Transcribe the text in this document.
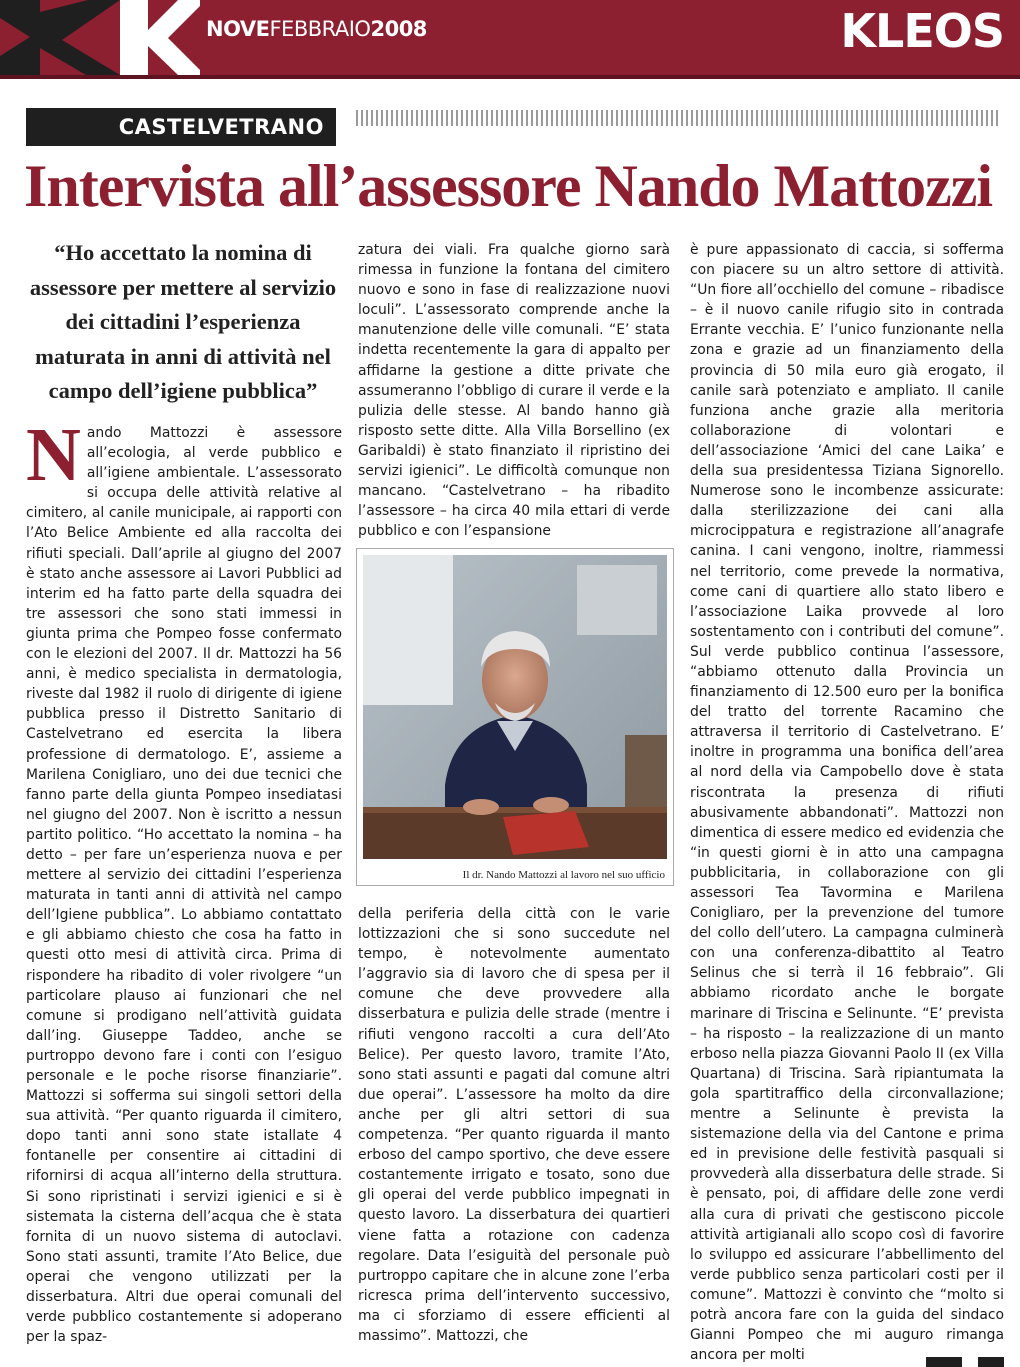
NOVEFEBBRAIO2008	KLEOS
CASTELVETRANO
Intervista all’assessore Nando Mattozzi

“Ho accettato la nomina di assessore per mettere al servizio dei cittadini l’esperienza maturata in anni di attività nel campo dell’igiene pubblica”

Nando Mattozzi è assessore all’ecologia, al verde pubblico e all’igiene ambientale. L’assessorato si occupa delle attività relative al cimitero, al canile municipale, ai rapporti con l’Ato Belice Ambiente ed alla raccolta dei rifiuti speciali. Dall’aprile al giugno del 2007 è stato anche assessore ai Lavori Pubblici ad interim ed ha fatto parte della squadra dei tre assessori che sono stati immessi in giunta prima che Pompeo fosse confermato con le elezioni del 2007. Il dr. Mattozzi ha 56 anni, è medico specialista in dermatologia, riveste dal 1982 il ruolo di dirigente di igiene pubblica presso il Distretto Sanitario di Castelvetrano ed esercita la libera professione di dermatologo. E’, assieme a Marilena Conigliaro, uno dei due tecnici che fanno parte della giunta Pompeo insediatasi nel giugno del 2007. Non è iscritto a nessun partito politico. “Ho accettato la nomina – ha detto – per fare un’esperienza nuova e per mettere al servizio dei cittadini l’esperienza maturata in tanti anni di attività nel campo dell’Igiene pubblica”. Lo abbiamo contattato e gli abbiamo chiesto che cosa ha fatto in questi otto mesi di attività circa. Prima di rispondere ha ribadito di voler rivolgere “un particolare plauso ai funzionari che nel comune si prodigano nell’attività guidata dall’ing. Giuseppe Taddeo, anche se purtroppo devono fare i conti con l’esiguo personale e le poche risorse finanziarie”. Mattozzi si sofferma sui singoli settori della sua attività. “Per quanto riguarda il cimitero, dopo tanti anni sono state istallate 4 fontanelle per consentire ai cittadini di rifornirsi di acqua all’interno della struttura. Si sono ripristinati i servizi igienici e si è sistemata la cisterna dell’acqua che è stata fornita di un nuovo sistema di autoclavi. Sono stati assunti, tramite l’Ato Belice, due operai che vengono utilizzati per la disserbatura. Altri due operai comunali del verde pubblico costantemente si adoperano per la spaz-
zatura dei viali. Fra qualche giorno sarà rimessa in funzione la fontana del cimitero nuovo e sono in fase di realizzazione nuovi loculi”. L’assessorato comprende anche la manutenzione delle ville comunali. “E’ stata indetta recentemente la gara di appalto per affidarne la gestione a ditte private che assumeranno l’obbligo di curare il verde e la pulizia delle stesse. Al bando hanno già risposto sette ditte. Alla Villa Borsellino (ex Garibaldi) è stato finanziato il ripristino dei servizi igienici”. Le difficoltà comunque non mancano. “Castelvetrano – ha ribadito l’assessore – ha circa 40 mila ettari di verde pubblico e con l’espansione
Il dr. Nando Mattozzi al lavoro nel suo ufficio
della periferia della città con le varie lottizzazioni che si sono succedute nel tempo, è notevolmente aumentato l’aggravio sia di lavoro che di spesa per il comune che deve provvedere alla disserbatura e pulizia delle strade (mentre i rifiuti vengono raccolti a cura dell’Ato Belice). Per questo lavoro, tramite l’Ato, sono stati assunti e pagati dal comune altri due operai”. L’assessore ha molto da dire anche per gli altri settori di sua competenza. “Per quanto riguarda il manto erboso del campo sportivo, che deve essere costantemente irrigato e tosato, sono due gli operai del verde pubblico impegnati in questo lavoro. La disserbatura dei quartieri viene fatta a rotazione con cadenza regolare. Data l’esiguità del personale può purtroppo capitare che in alcune zone l’erba ricresca prima dell’intervento successivo, ma ci sforziamo di essere efficienti al massimo”. Mattozzi, che
è pure appassionato di caccia, si sofferma con piacere su un altro settore di attività. “Un fiore all’occhiello del comune – ribadisce – è il nuovo canile rifugio sito in contrada Errante vecchia. E’ l’unico funzionante nella zona e grazie ad un finanziamento della provincia di 50 mila euro già erogato, il canile sarà potenziato e ampliato. Il canile funziona anche grazie alla meritoria collaborazione di volontari e dell’associazione ‘Amici del cane Laika’ e della sua presidentessa Tiziana Signorello. Numerose sono le incombenze assicurate: dalla sterilizzazione dei cani alla microcippatura e registrazione all’anagrafe canina. I cani vengono, inoltre, riammessi nel territorio, come prevede la normativa, come cani di quartiere allo stato libero e l’associazione Laika provvede al loro sostentamento con i contributi del comune”. Sul verde pubblico continua l’assessore, “abbiamo ottenuto dalla Provincia un finanziamento di 12.500 euro per la bonifica del tratto del torrente Racamino che attraversa il territorio di Castelvetrano. E’ inoltre in programma una bonifica dell’area al nord della via Campobello dove è stata riscontrata la presenza di rifiuti abusivamente abbandonati”. Mattozzi non dimentica di essere medico ed evidenzia che “in questi giorni è in atto una campagna pubblicitaria, in collaborazione con gli assessori Tea Tavormina e Marilena Conigliaro, per la prevenzione del tumore del collo dell’utero. La campagna culminerà con una conferenza-dibattito al Teatro Selinus che si terrà il 16 febbraio”. Gli abbiamo ricordato anche le borgate marinare di Triscina e Selinunte. “E’ prevista – ha risposto – la realizzazione di un manto erboso nella piazza Giovanni Paolo II (ex Villa Quartana) di Triscina. Sarà ripiantumata la gola spartitraffico della circonvallazione; mentre a Selinunte è prevista la sistemazione della via del Cantone e prima ed in previsione delle festività pasquali si provvederà alla disserbatura delle strade. Si è pensato, poi, di affidare delle zone verdi alla cura di privati che gestiscono piccole attività artigianali allo scopo così di favorire lo sviluppo ed assicurare l’abbellimento del verde pubblico senza particolari costi per il comune”. Mattozzi è convinto che “molto si potrà ancora fare con la guida del sindaco Gianni Pompeo che mi auguro rimanga ancora per molti
